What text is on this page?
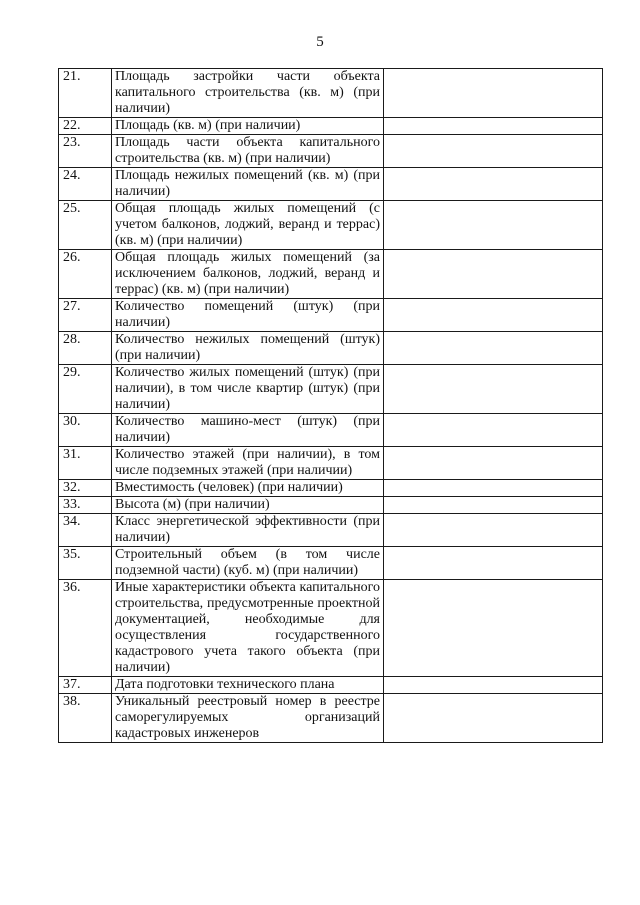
5
21.	Площадь застройки части объекта капитального строительства (кв. м) (при наличии)	
22.	Площадь (кв. м) (при наличии)	
23.	Площадь части объекта капитального строительства (кв. м) (при наличии)	
24.	Площадь нежилых помещений (кв. м) (при наличии)	
25.	Общая площадь жилых помещений (с учетом балконов, лоджий, веранд и террас) (кв. м) (при наличии)	
26.	Общая площадь жилых помещений (за исключением балконов, лоджий, веранд и террас) (кв. м) (при наличии)	
27.	Количество помещений (штук) (при наличии)	
28.	Количество нежилых помещений (штук) (при наличии)	
29.	Количество жилых помещений (штук) (при наличии), в том числе квартир (штук) (при наличии)	
30.	Количество машино-мест (штук) (при наличии)	
31.	Количество этажей (при наличии), в том числе подземных этажей (при наличии)	
32.	Вместимость (человек) (при наличии)	
33.	Высота (м) (при наличии)	
34.	Класс энергетической эффективности (при наличии)	
35.	Строительный объем (в том числе подземной части) (куб. м) (при наличии)	
36.	Иные характеристики объекта капитального строительства, предусмотренные проектной документацией, необходимые для осуществления государственного кадастрового учета такого объекта (при наличии)	
37.	Дата подготовки технического плана	
38.	Уникальный реестровый номер в реестре саморегулируемых организаций кадастровых инженеров	
